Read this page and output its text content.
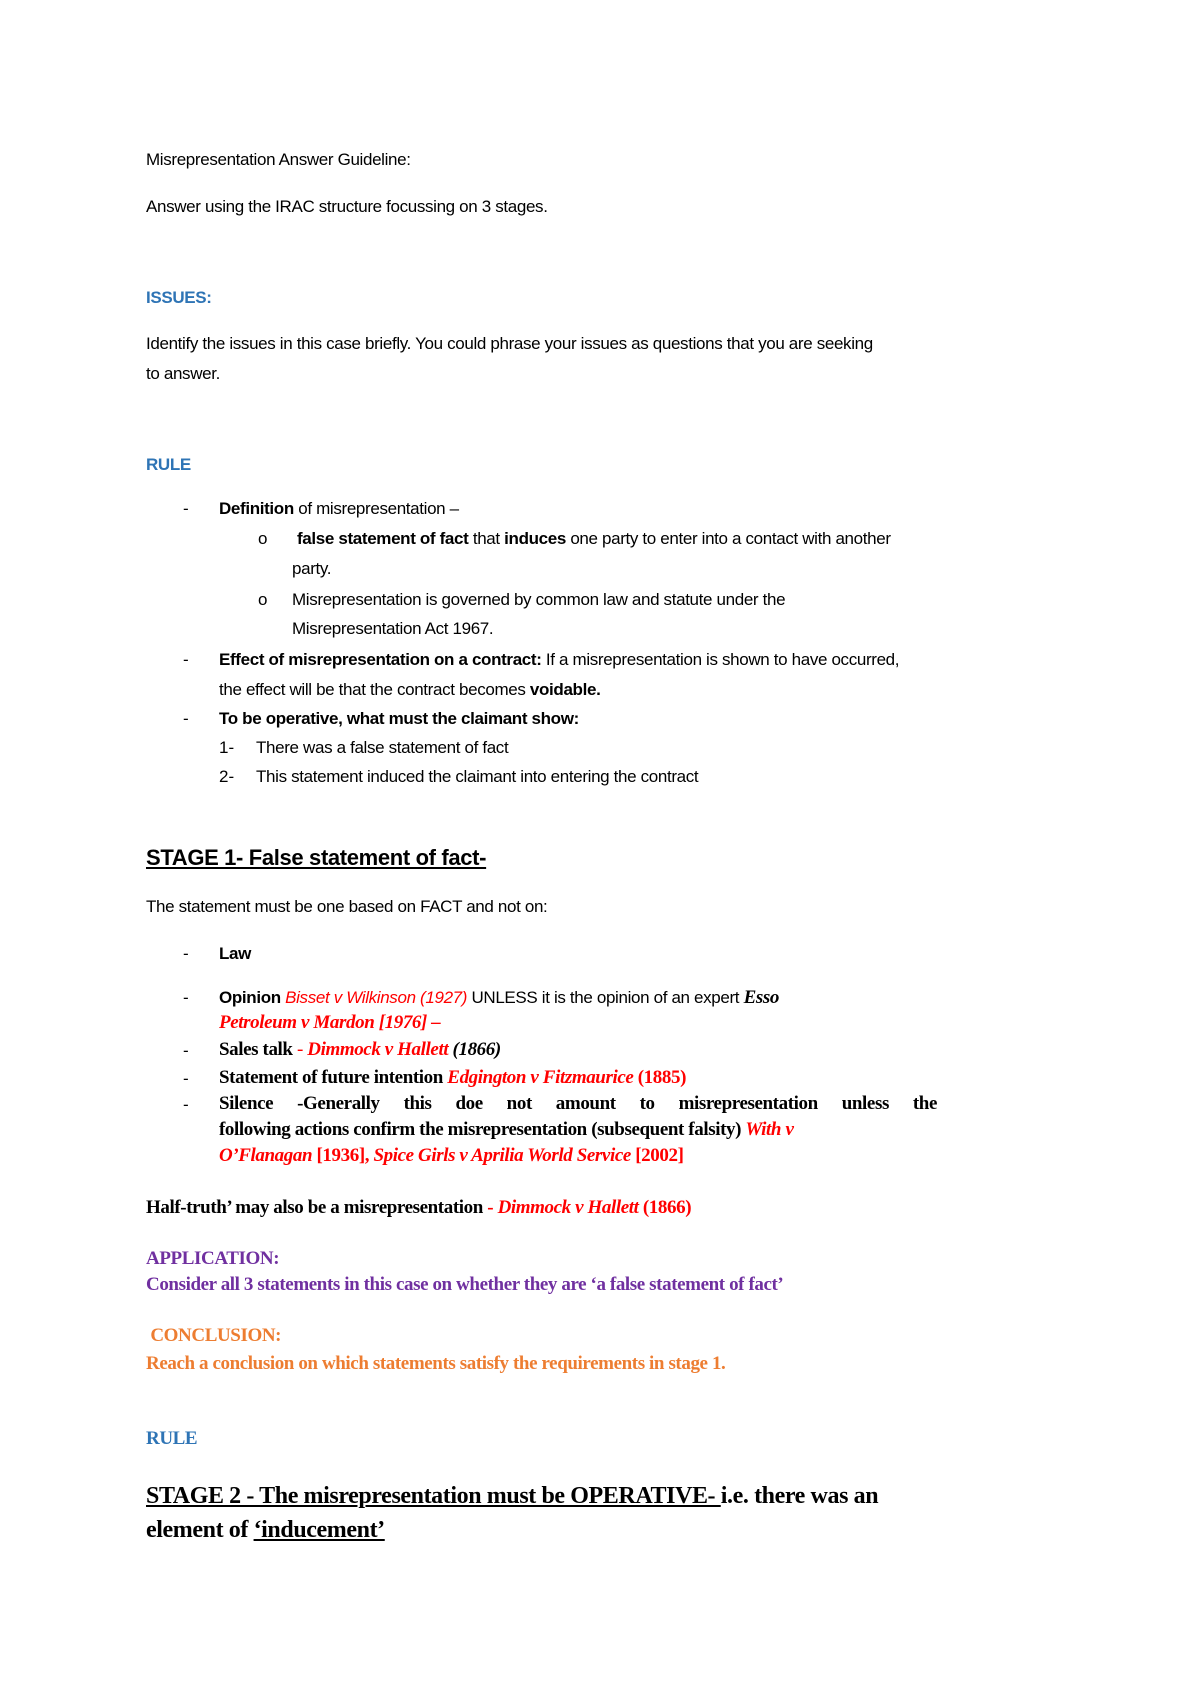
Misrepresentation Answer Guideline:
Answer using the IRAC structure focussing on 3 stages.
ISSUES:
Identify the issues in this case briefly. You could phrase your issues as questions that you are seeking
to answer.
RULE
- Definition of misrepresentation –
o false statement of fact that induces one party to enter into a contact with another
party.
o Misrepresentation is governed by common law and statute under the
Misrepresentation Act 1967.
- Effect of misrepresentation on a contract: If a misrepresentation is shown to have occurred,
the effect will be that the contract becomes voidable.
- To be operative, what must the claimant show:
1- There was a false statement of fact
2- This statement induced the claimant into entering the contract
STAGE 1- False statement of fact-
The statement must be one based on FACT and not on:
- Law
- Opinion Bisset v Wilkinson (1927) UNLESS it is the opinion of an expert Esso
Petroleum v Mardon [1976] –
- Sales talk - Dimmock v Hallett (1866)
- Statement of future intention Edgington v Fitzmaurice (1885)
- Silence -Generally this doe not amount to misrepresentation unless the
following actions confirm the misrepresentation (subsequent falsity) With v
O’Flanagan [1936], Spice Girls v Aprilia World Service [2002]
Half-truth’ may also be a misrepresentation - Dimmock v Hallett (1866)
APPLICATION:
Consider all 3 statements in this case on whether they are ‘a false statement of fact’
CONCLUSION:
Reach a conclusion on which statements satisfy the requirements in stage 1.
RULE
STAGE 2 - The misrepresentation must be OPERATIVE- i.e. there was an
element of ‘inducement’
